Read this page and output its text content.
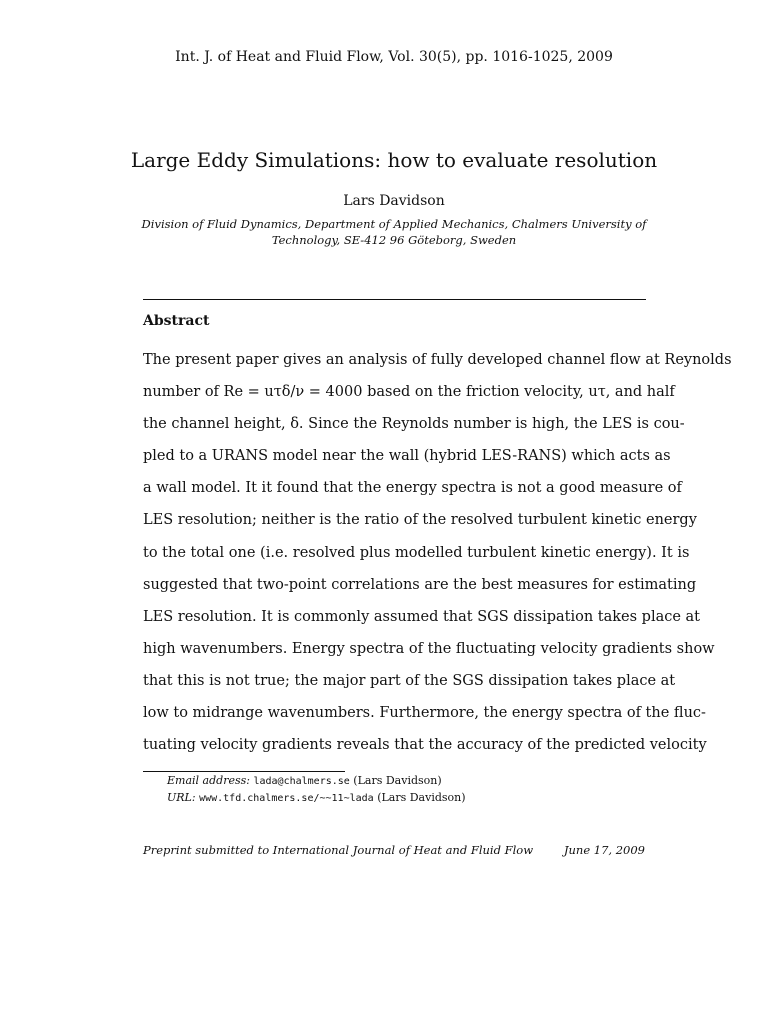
Int. J. of Heat and Fluid Flow, Vol. 30(5), pp. 1016-1025, 2009
Large Eddy Simulations: how to evaluate resolution
Lars Davidson
Division of Fluid Dynamics, Department of Applied Mechanics, Chalmers University of
Technology, SE-412 96 Göteborg, Sweden
Abstract
The present paper gives an analysis of fully developed channel flow at Reynolds
number of Re = uτδ/ν = 4000 based on the friction velocity, uτ, and half
the channel height, δ. Since the Reynolds number is high, the LES is cou-
pled to a URANS model near the wall (hybrid LES-RANS) which acts as
a wall model. It it found that the energy spectra is not a good measure of
LES resolution; neither is the ratio of the resolved turbulent kinetic energy
to the total one (i.e. resolved plus modelled turbulent kinetic energy). It is
suggested that two-point correlations are the best measures for estimating
LES resolution. It is commonly assumed that SGS dissipation takes place at
high wavenumbers. Energy spectra of the fluctuating velocity gradients show
that this is not true; the major part of the SGS dissipation takes place at
low to midrange wavenumbers. Furthermore, the energy spectra of the fluc-
tuating velocity gradients reveals that the accuracy of the predicted velocity
Email address: lada@chalmers.se (Lars Davidson)
URL: www.tfd.chalmers.se/~~11~lada (Lars Davidson)
Preprint submitted to International Journal of Heat and Fluid Flow	June 17, 2009
